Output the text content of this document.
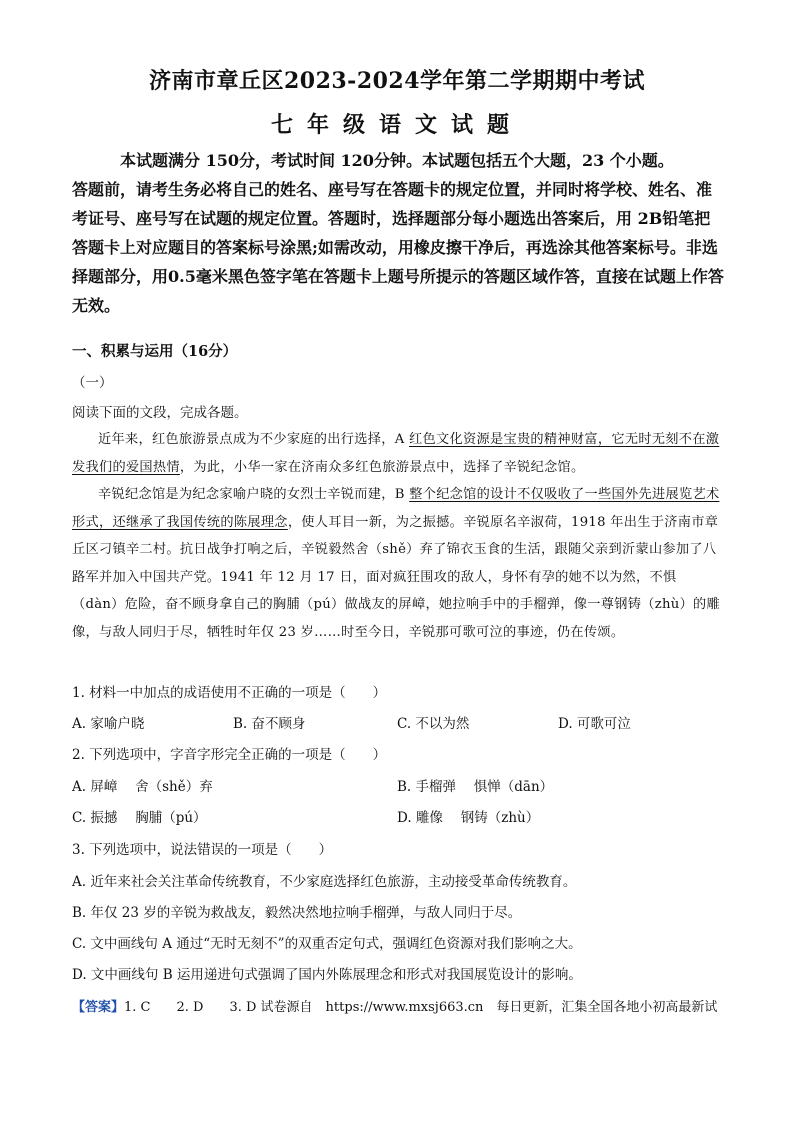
济南市章丘区2023-2024学年第二学期期中考试
七年级语文试题

本试题满分 150分，考试时间 120分钟。本试题包括五个大题，23 个小题。

答题前，请考生务必将自己的姓名、座号写在答题卡的规定位置，并同时将学校、姓名、准考证号、座号写在试题的规定位置。答题时，选择题部分每小题选出答案后，用 2B铅笔把答题卡上对应题目的答案标号涂黑;如需改动，用橡皮擦干净后，再选涂其他答案标号。非选择题部分，用0.5毫米黑色签字笔在答题卡上题号所提示的答题区域作答，直接在试题上作答无效。

一、积累与运用（16分）
（一）
阅读下面的文段，完成各题。

近年来，红色旅游景点成为不少家庭的出行选择，A 红色文化资源是宝贵的精神财富，它无时无刻不在激发我们的爱国热情，为此，小华一家在济南众多红色旅游景点中，选择了辛锐纪念馆。

辛锐纪念馆是为纪念家喻户晓的女烈士辛锐而建，B 整个纪念馆的设计不仅吸收了一些国外先进展览艺术形式，还继承了我国传统的陈展理念，使人耳目一新，为之振撼。辛锐原名辛淑荷，1918 年出生于济南市章丘区刁镇辛二村。抗日战争打响之后，辛锐毅然舍（shě）弃了锦衣玉食的生活，跟随父亲到沂蒙山参加了八路军并加入中国共产党。1941 年 12 月 17 日，面对疯狂围攻的敌人，身怀有孕的她不以为然，不惧（dàn）危险，奋不顾身拿自己的胸脯（pú）做战友的屏嶂，她拉响手中的手榴弹，像一尊钢铸（zhù）的雕像，与敌人同归于尽，牺牲时年仅 23 岁……时至今日，辛锐那可歌可泣的事迹，仍在传颂。

1. 材料一中加点的成语使用不正确的一项是（　　）
A. 家喻户晓	B. 奋不顾身	C. 不以为然	D. 可歌可泣
2. 下列选项中，字音字形完全正确的一项是（　　）
A. 屏嶂　 舍（shě）弃	B. 手榴弹　 惧惮（dān）
C. 振撼　 胸脯（pú）	D. 雕像　 钢铸（zhù）
3. 下列选项中，说法错误的一项是（　　）
A. 近年来社会关注革命传统教育，不少家庭选择红色旅游，主动接受革命传统教育。
B. 年仅 23 岁的辛锐为救战友，毅然决然地拉响手榴弹，与敌人同归于尽。
C. 文中画线句 A 通过“无时无刻不”的双重否定句式，强调红色资源对我们影响之大。
D. 文中画线句 B 运用递进句式强调了国内外陈展理念和形式对我国展览设计的影响。
【答案】1. C　　2. D　　3. D 试卷源自　https://www.mxsj663.cn　每日更新，汇集全国各地小初高最新试
